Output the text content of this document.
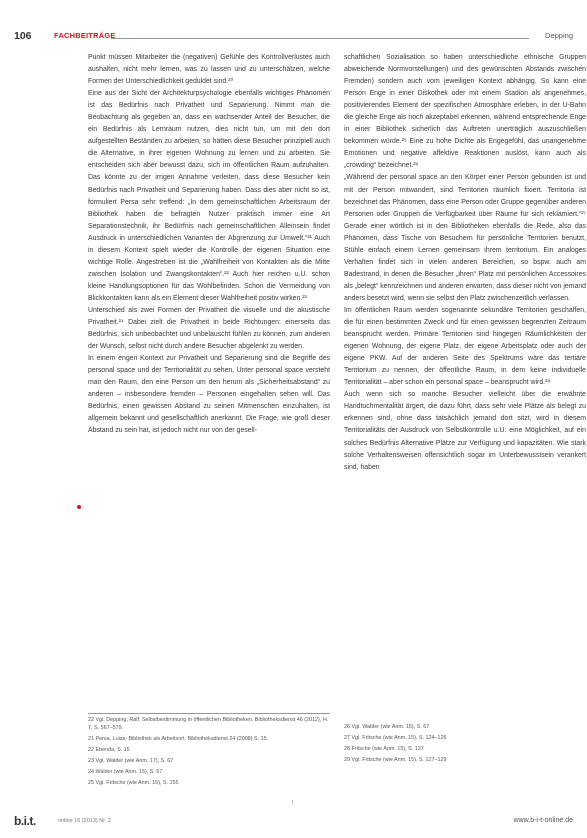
106	FACHBEITRÄGE	Depping

Punkt müssen Mitarbeiter die (negativen) Gefühle des Kontrollverlustes auch aushalten, nicht mehr lernen, was zu lassen und zu unterschätzen, welche Formen der Unterschiedlichkeit geduldet sind.²⁰

Eine aus der Sicht der Architekturpsychologie ebenfalls wichtiges Phänomen ist das Bedürfnis nach Privatheit und Separierung. Nimmt man die Beobachtung als gegeben an, dass ein wachsender Anteil der Besucher, die ein Bedürfnis als Lernraum nutzen, dies nicht tun, um mit den dort aufgestellten Beständen zu arbeiten, so hätten diese Besucher prinzipiell auch die Alternative, in ihrer eigenen Wohnung zu lernen und zu arbeiten. Sie entscheiden sich aber bewusst dazu, sich im öffentlichen Raum aufzuhalten. Das könnte zu der irrigen Annahme verleiten, dass diese Besucher kein Bedürfnis nach Privatheit und Separierung haben. Dass dies aber nicht so ist, formuliert Persa sehr treffend: „In dem gemeinschaftlichen Arbeitsraum der Bibliothek haben die befragten Nutzer praktisch immer eine Art Separationstechnik, ihr Bedürfnis nach gemeinschaftlichen Alleinsein findet Ausdruck in unterschiedlichen Varianten der Abgrenzung zur Umwelt.“²¹ Auch in diesem Kontext spielt wieder die Kontrolle der eigenen Situation eine wichtige Rolle. Angestreben ist die „Wahlfreiheit von Kontakten als die Mitte zwischen Isolation und Zwangskontakten“.²² Auch hier reichen u.U. schon kleine Handlungsoptionen für das Wohlbefinden. Schon die Vermeidung von Blickkontakten kann als ein Element dieser Wahlfreiheit positiv wirken.²³

Unterschied als zwei Formen der Privatheit die visuelle und die akustische Privatheit.²⁴ Dabei zielt die Privatheit in beide Richtungen: einerseits das Bedürfnis, sich unbeobachtet und unbelauscht fühlen zu können, zum anderen der Wunsch, selbst nicht durch andere Besucher abgelenkt zu werden.

In einem engen Kontext zur Privatheit und Separierung sind die Begriffe des personal space und der Territorialität zu sehen. Unter personal space versteht man den Raum, den eine Person um den herum als „Sicherheitsabstand“ zu anderen – insbesondere fremden – Personen eingehalten sehen will. Das Bedürfnis, einen gewissen Abstand zu seinen Mitmenschen einzuhalten, ist allgemein bekannt und gesellschaftlich anerkannt. Die Frage, wie groß dieser Abstand zu sein hat, ist jedoch nicht nur von der gesell-

schaftlichen Sozialisation so haben unterschiedliche ethnische Gruppen abweichende Normvorstellungen) und des gewünschten Abstands zwischen Fremden) sondern auch vom jeweiligen Kontext abhängig. So kann eine Person Enge in einer Diskothek oder mit einem Stadion als angenehmes, positivierendes Element der spezifischen Atmosphäre erleben, in der U-Bahn die gleiche Enge als noch akzeptabel erkennen, während entsprechende Enge in einer Bibliothek sicherlich das Auftreten unerträglich auszuschließen bekommen würde.²⁵ Eine zu hohe Dichte als Engegefühl, das unangenehme Emotionen und negative affektive Reaktionen auslöst, kann auch als „crowding“ bezeichnet.²⁶

„Während der personal space an den Körper einer Person gebunden ist und mit der Person mitwandert, sind Territorien räumlich fixiert. Territoria ist bezeichnet das Phänomen, dass eine Person oder Gruppe gegenüber anderen Personen oder Gruppen die Verfügbarkeit über Räume für sich reklamiert.“²⁷ Gerade einer wörtlich ist in den Bibliotheken ebenfalls die Rede, also das Phänomen, dass Tische von Besuchern für persönliche Territorien benutzt, Stühle einfach einem Lernen gemeinsam ihrem territorium. Ein analoges Verhalten findet sich in vielen anderen Bereichen, so bspw. auch am Badestrand, in denen die Besucher „ihren“ Platz mit persönlichen Accessoires als „belegt“ kennzeichnen und anderen erwarten, dass dieser nicht von jemand anders besetzt wird, wenn sie selbst den Platz zwischenzeitlich verlassen.

Im öffentlichen Raum werden sogenannte sekundäre Territorien geschaffen, die für einen bestimmten Zweck und für einen gewissen begrenzten Zeitraum beansprucht werden. Primäre Territorien sind hingegen Räumlichkeiten der eigenen Wohnung, der eigene Platz, der eigene Arbeitsplatz oder auch der eigene PKW. Auf der anderen Seite des Spektrums wäre das tertiäre Territorium zu nennen, der öffentliche Raum, in dem keine individuelle Territorialität – aber schon ein personal space – beansprucht wird.²⁸

Auch wenn sich so manche Besucher vielleicht über die erwähnte Handtuchmentalität ärgert, die dazu führt, dass sehr viele Plätze als belegt zu erkennen sind, ohne dass tatsächlich jemand dort sitzt, wird in diesem Territorialitäts der Ausdruck von Selbstkontrolle u.U. eine Möglichkeit, auf ein solches Bedürfnis Alternative Plätze zur Verfügung und kapazitäten. Wie stark solche Verhaltensweisen offensichtlich sogar im Unterbewusstsein verankert sind, haben

22 Vgl. Depping, Ralf: Selbstbestimmung in öffentlichen Bibliotheken. Bibliotheksdienst 46 (2012), H. 7, S. 567–579.
21 Persa, Luiza: Bibliothek als Arbeitsort. Bibliotheksdienst 24 (2008) S. 15.
22 Ebenda, S. 15
23 Vgl. Walder (wie Anm. 17), S. 67
24 Walder (wie Anm. 15), S. 67
25 Vgl. Fritsche (wie Anm. 15), S. 155
26 Vgl. Walder (wie Anm. 15), S. 67
27 Vgl. Fritsche (wie Anm. 15), S. 124–126
28 Fritsche (wie Anm. 15), S. 127
29 Vgl. Fritsche (wie Anm. 15), S. 127–129
b.i.t.	online 16 (2013) Nr. 2	www.b-i-t-online.de
